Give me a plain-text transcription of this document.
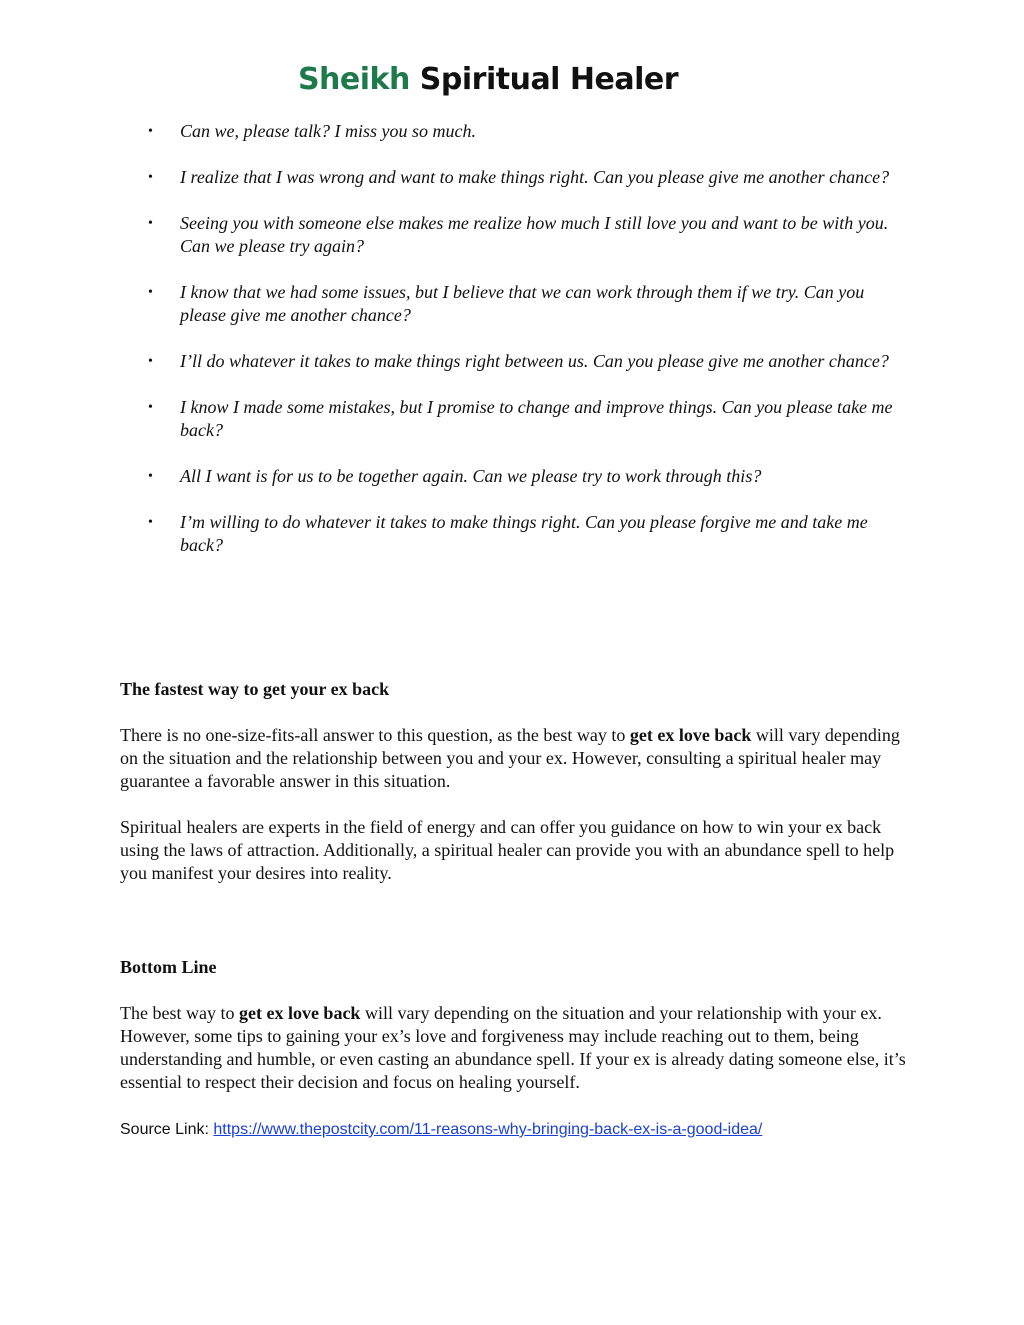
Sheikh Spiritual Healer
• Can we, please talk? I miss you so much.
• I realize that I was wrong and want to make things right. Can you please give me another chance?
• Seeing you with someone else makes me realize how much I still love you and want to be with you. Can we please try again?
• I know that we had some issues, but I believe that we can work through them if we try. Can you please give me another chance?
• I’ll do whatever it takes to make things right between us. Can you please give me another chance?
• I know I made some mistakes, but I promise to change and improve things. Can you please take me back?
• All I want is for us to be together again. Can we please try to work through this?
• I’m willing to do whatever it takes to make things right. Can you please forgive me and take me back?

The fastest way to get your ex back

There is no one-size-fits-all answer to this question, as the best way to get ex love back will vary depending on the situation and the relationship between you and your ex. However, consulting a spiritual healer may guarantee a favorable answer in this situation.

Spiritual healers are experts in the field of energy and can offer you guidance on how to win your ex back using the laws of attraction. Additionally, a spiritual healer can provide you with an abundance spell to help you manifest your desires into reality.

Bottom Line

The best way to get ex love back will vary depending on the situation and your relationship with your ex. However, some tips to gaining your ex’s love and forgiveness may include reaching out to them, being understanding and humble, or even casting an abundance spell. If your ex is already dating someone else, it’s essential to respect their decision and focus on healing yourself.

Source Link: https://www.thepostcity.com/11-reasons-why-bringing-back-ex-is-a-good-idea/
